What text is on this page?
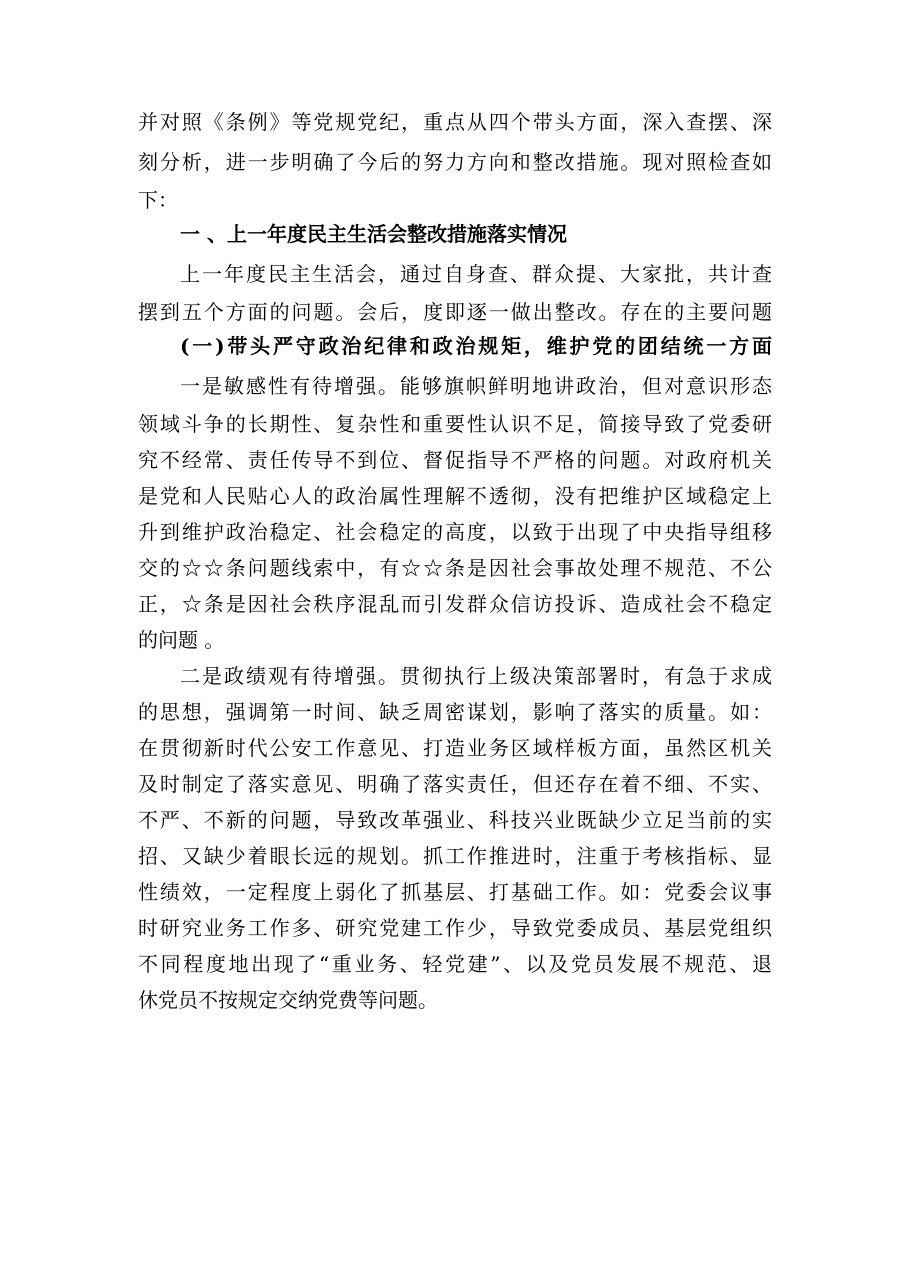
并对照《条例》等党规党纪，重点从四个带头方面，深入查摆、深
刻分析，进一步明确了今后的努力方向和整改措施。现对照检查如
下：
一 、上一年度民主生活会整改措施落实情况
上一年度民主生活会，通过自身查、群众提、大家批，共计查
摆到五个方面的问题。会后，度即逐一做出整改。存在的主要问题
(一)带头严守政治纪律和政治规矩，维护党的团结统一方面
一是敏感性有待增强。能够旗帜鲜明地讲政治，但对意识形态
领域斗争的长期性、复杂性和重要性认识不足，简接导致了党委研
究不经常、责任传导不到位、督促指导不严格的问题。对政府机关
是党和人民贴心人的政治属性理解不透彻，没有把维护区域稳定上
升到维护政治稳定、社会稳定的高度，以致于出现了中央指导组移
交的☆☆条问题线索中，有☆☆条是因社会事故处理不规范、不公
正，☆条是因社会秩序混乱而引发群众信访投诉、造成社会不稳定
的问题 。
二是政绩观有待增强。贯彻执行上级决策部署时，有急于求成
的思想，强调第一时间、缺乏周密谋划，影响了落实的质量。如：
在贯彻新时代公安工作意见、打造业务区域样板方面，虽然区机关
及时制定了落实意见、明确了落实责任，但还存在着不细、不实、
不严、不新的问题，导致改革强业、科技兴业既缺少立足当前的实
招、又缺少着眼长远的规划。抓工作推进时，注重于考核指标、显
性绩效，一定程度上弱化了抓基层、打基础工作。如：党委会议事
时研究业务工作多、研究党建工作少，导致党委成员、基层党组织
不同程度地出现了“重业务、轻党建”、以及党员发展不规范、退
休党员不按规定交纳党费等问题。
